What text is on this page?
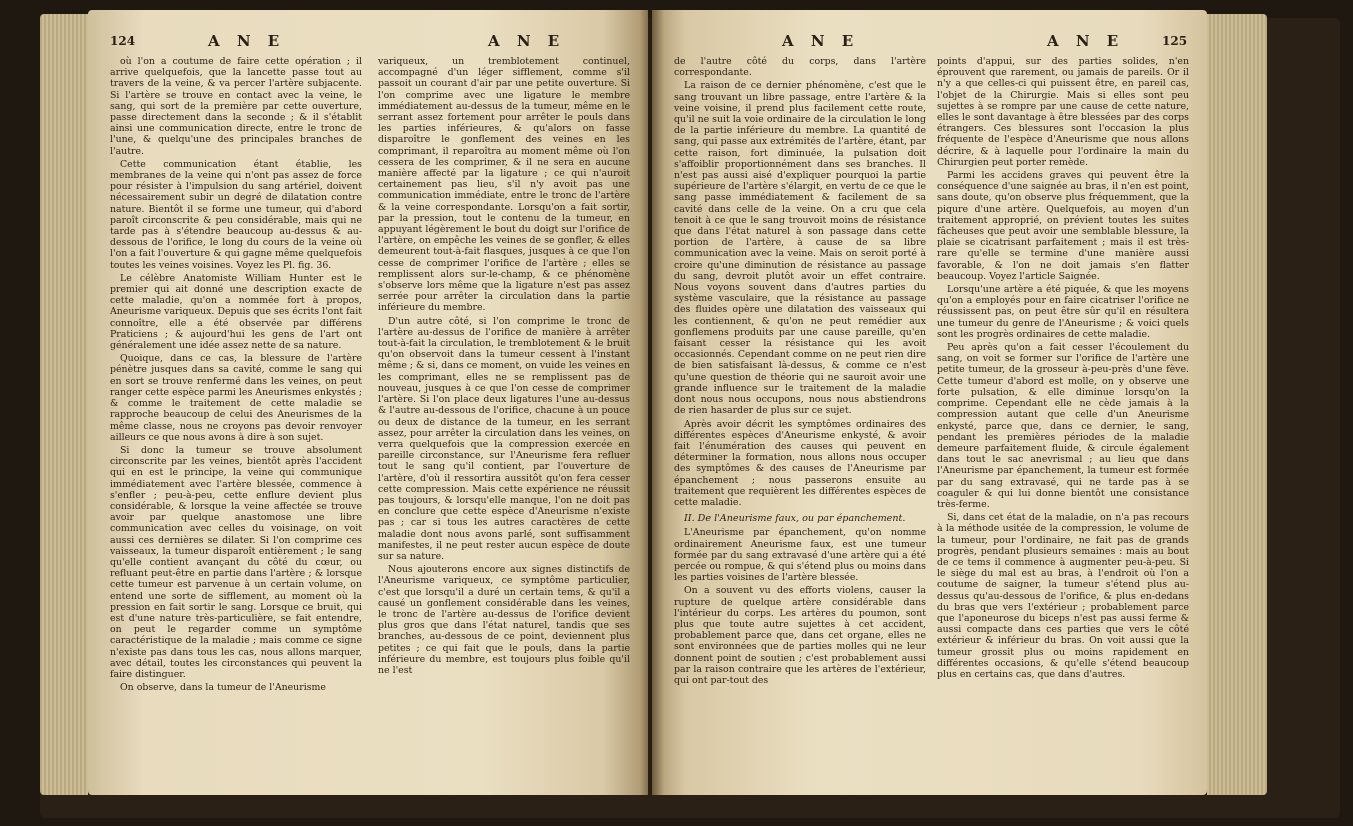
124	A N E	A N E

où l'on a coutume de faire cette opération ; il arrive quelquefois, que la lancette passe tout au travers de la veine, & va percer l'artère subjacente. Si l'artère se trouve en contact avec la veine, le sang, qui sort de la première par cette ouverture, passe directement dans la seconde ; & il s'établit ainsi une communication directe, entre le tronc de l'une, & quelqu'une des principales branches de l'autre.

Cette communication étant établie, les membranes de la veine qui n'ont pas assez de force pour résister à l'impulsion du sang artériel, doivent nécessairement subir un degré de dilatation contre nature. Bientôt il se forme une tumeur, qui d'abord paroît circonscrite & peu considérable, mais qui ne tarde pas à s'étendre beaucoup au-dessus & au-dessous de l'orifice, le long du cours de la veine où l'on a fait l'ouverture & qui gagne même quelquefois toutes les veines voisines. Voyez les Pl. fig. 36.

Le célèbre Anatomiste William Hunter est le premier qui ait donné une description exacte de cette maladie, qu'on a nommée fort à propos, Aneurisme variqueux. Depuis que ses écrits l'ont fait connoître, elle a été observée par différens Praticiens ; & aujourd'hui les gens de l'art ont généralement une idée assez nette de sa nature.

Quoique, dans ce cas, la blessure de l'artère pénètre jusques dans sa cavité, comme le sang qui en sort se trouve renfermé dans les veines, on peut ranger cette espèce parmi les Aneurismes enkystés ; & comme le traitement de cette maladie se rapproche beaucoup de celui des Aneurismes de la même classe, nous ne croyons pas devoir renvoyer ailleurs ce que nous avons à dire à son sujet.

Si donc la tumeur se trouve absolument circonscrite par les veines, bientôt après l'accident qui en est le principe, la veine qui communique immédiatement avec l'artère blessée, commence à s'enfler ; peu-à-peu, cette enflure devient plus considérable, & lorsque la veine affectée se trouve avoir par quelque anastomose une libre communication avec celles du voisinage, on voit aussi ces dernières se dilater. Si l'on comprime ces vaisseaux, la tumeur disparoît entièrement ; le sang qu'elle contient avançant du côté du cœur, ou refluant peut-être en partie dans l'artère ; & lorsque cette tumeur est parvenue à un certain volume, on entend une sorte de sifflement, au moment où la pression en fait sortir le sang. Lorsque ce bruit, qui est d'une nature très-particulière, se fait entendre, on peut le regarder comme un symptôme caractéristique de la maladie ; mais comme ce signe n'existe pas dans tous les cas, nous allons marquer, avec détail, toutes les circonstances qui peuvent la faire distinguer.

On observe, dans la tumeur de l'Aneurisme

variqueux, un tremblotement continuel, accompagné d'un léger sifflement, comme s'il passoit un courant d'air par une petite ouverture. Si l'on comprime avec une ligature le membre immédiatement au-dessus de la tumeur, même en le serrant assez fortement pour arrêter le pouls dans les parties inférieures, & qu'alors on fasse disparoître le gonflement des veines en les comprimant, il reparoîtra au moment même où l'on cessera de les comprimer, & il ne sera en aucune manière affecté par la ligature ; ce qui n'auroit certainement pas lieu, s'il n'y avoit pas une communication immédiate, entre le tronc de l'artère & la veine correspondante. Lorsqu'on a fait sortir, par la pression, tout le contenu de la tumeur, en appuyant légèrement le bout du doigt sur l'orifice de l'artère, on empêche les veines de se gonfler, & elles demeurent tout-à-fait flasques, jusques à ce que l'on cesse de comprimer l'orifice de l'artère ; elles se remplissent alors sur-le-champ, & ce phénomène s'observe lors même que la ligature n'est pas assez serrée pour arrêter la circulation dans la partie inférieure du membre.

D'un autre côté, si l'on comprime le tronc de l'artère au-dessus de l'orifice de manière à arrêter tout-à-fait la circulation, le tremblotement & le bruit qu'on observoit dans la tumeur cessent à l'instant même ; & si, dans ce moment, on vuide les veines en les comprimant, elles ne se remplissent pas de nouveau, jusques à ce que l'on cesse de comprimer l'artère. Si l'on place deux ligatures l'une au-dessus & l'autre au-dessous de l'orifice, chacune à un pouce ou deux de distance de la tumeur, en les serrant assez, pour arrêter la circulation dans les veines, on verra quelquefois que la compression exercée en pareille circonstance, sur l'Aneurisme fera refluer tout le sang qu'il contient, par l'ouverture de l'artère, d'où il ressortira aussitôt qu'on fera cesser cette compression. Mais cette expérience ne réussit pas toujours, & lorsqu'elle manque, l'on ne doit pas en conclure que cette espèce d'Aneurisme n'existe pas ; car si tous les autres caractères de cette maladie dont nous avons parlé, sont suffisamment manifestes, il ne peut rester aucun espèce de doute sur sa nature.

Nous ajouterons encore aux signes distinctifs de l'Aneurisme variqueux, ce symptôme particulier, c'est que lorsqu'il a duré un certain tems, & qu'il a causé un gonflement considérable dans les veines, le tronc de l'artère au-dessus de l'orifice devient plus gros que dans l'état naturel, tandis que ses branches, au-dessous de ce point, deviennent plus petites ; ce qui fait que le pouls, dans la partie inférieure du membre, est toujours plus foible qu'il ne l'est

A N E	A N E	125

de l'autre côté du corps, dans l'artère correspondante.

La raison de ce dernier phénomène, c'est que le sang trouvant un libre passage, entre l'artère & la veine voisine, il prend plus facilement cette route, qu'il ne suit la voie ordinaire de la circulation le long de la partie inférieure du membre. La quantité de sang, qui passe aux extrémités de l'artère, étant, par cette raison, fort diminuée, la pulsation doit s'affoiblir proportionnément dans ses branches. Il n'est pas aussi aisé d'expliquer pourquoi la partie supérieure de l'artère s'élargit, en vertu de ce que le sang passe immédiatement & facilement de sa cavité dans celle de la veine. On a cru que cela tenoit à ce que le sang trouvoit moins de résistance que dans l'état naturel à son passage dans cette portion de l'artère, à cause de sa libre communication avec la veine. Mais on seroit porté à croire qu'une diminution de résistance au passage du sang, devroit plutôt avoir un effet contraire. Nous voyons souvent dans d'autres parties du système vasculaire, que la résistance au passage des fluides opère une dilatation des vaisseaux qui les contiennent, & qu'on ne peut remédier aux gonflemens produits par une cause pareille, qu'en faisant cesser la résistance qui les avoit occasionnés. Cependant comme on ne peut rien dire de bien satisfaisant là-dessus, & comme ce n'est qu'une question de théorie qui ne sauroit avoir une grande influence sur le traitement de la maladie dont nous nous occupons, nous nous abstiendrons de rien hasarder de plus sur ce sujet.

Après avoir décrit les symptômes ordinaires des différentes espèces d'Aneurisme enkysté, & avoir fait l'énumération des causes qui peuvent en déterminer la formation, nous allons nous occuper des symptômes & des causes de l'Aneurisme par épanchement ; nous passerons ensuite au traitement que requièrent les différentes espèces de cette maladie.

II. De l'Aneurisme faux, ou par épanchement.

L'Aneurisme par épanchement, qu'on nomme ordinairement Aneurisme faux, est une tumeur formée par du sang extravasé d'une artère qui a été percée ou rompue, & qui s'étend plus ou moins dans les parties voisines de l'artère blessée.

On a souvent vu des efforts violens, causer la rupture de quelque artère considérable dans l'intérieur du corps. Les artères du poumon, sont plus que toute autre sujettes à cet accident, probablement parce que, dans cet organe, elles ne sont environnées que de parties molles qui ne leur donnent point de soutien ; c'est probablement aussi par la raison contraire que les artères de l'extérieur, qui ont par-tout des

points d'appui, sur des parties solides, n'en éprouvent que rarement, ou jamais de pareils. Or il n'y a que celles-ci qui puissent être, en pareil cas, l'objet de la Chirurgie. Mais si elles sont peu sujettes à se rompre par une cause de cette nature, elles le sont davantage à être blessées par des corps étrangers. Ces blessures sont l'occasion la plus fréquente de l'espèce d'Aneurisme que nous allons décrire, & à laquelle pour l'ordinaire la main du Chirurgien peut porter remède.

Parmi les accidens graves qui peuvent être la conséquence d'une saignée au bras, il n'en est point, sans doute, qu'on observe plus fréquemment, que la piqure d'une artère. Quelquefois, au moyen d'un traitement approprié, on prévient toutes les suites fâcheuses que peut avoir une semblable blessure, la plaie se cicatrisant parfaitement ; mais il est très-rare qu'elle se termine d'une manière aussi favorable, & l'on ne doit jamais s'en flatter beaucoup. Voyez l'article Saignée.

Lorsqu'une artère a été piquée, & que les moyens qu'on a employés pour en faire cicatriser l'orifice ne réussissent pas, on peut être sûr qu'il en résultera une tumeur du genre de l'Aneurisme ; & voici quels sont les progrès ordinaires de cette maladie.

Peu après qu'on a fait cesser l'écoulement du sang, on voit se former sur l'orifice de l'artère une petite tumeur, de la grosseur à-peu-près d'une fève. Cette tumeur d'abord est molle, on y observe une forte pulsation, & elle diminue lorsqu'on la comprime. Cependant elle ne cède jamais à la compression autant que celle d'un Aneurisme enkysté, parce que, dans ce dernier, le sang, pendant les premières périodes de la maladie demeure parfaitement fluide, & circule également dans tout le sac anevrismal ; au lieu que dans l'Aneurisme par épanchement, la tumeur est formée par du sang extravasé, qui ne tarde pas à se coaguler & qui lui donne bientôt une consistance très-ferme.

Si, dans cet état de la maladie, on n'a pas recours à la méthode usitée de la compression, le volume de la tumeur, pour l'ordinaire, ne fait pas de grands progrès, pendant plusieurs semaines : mais au bout de ce tems il commence à augmenter peu-à-peu. Si le siège du mal est au bras, à l'endroit où l'on a coutume de saigner, la tumeur s'étend plus au-dessus qu'au-dessous de l'orifice, & plus en-dedans du bras que vers l'extérieur ; probablement parce que l'aponeurose du biceps n'est pas aussi ferme & aussi compacte dans ces parties que vers le côté extérieur & inférieur du bras. On voit aussi que la tumeur grossit plus ou moins rapidement en différentes occasions, & qu'elle s'étend beaucoup plus en certains cas, que dans d'autres.
